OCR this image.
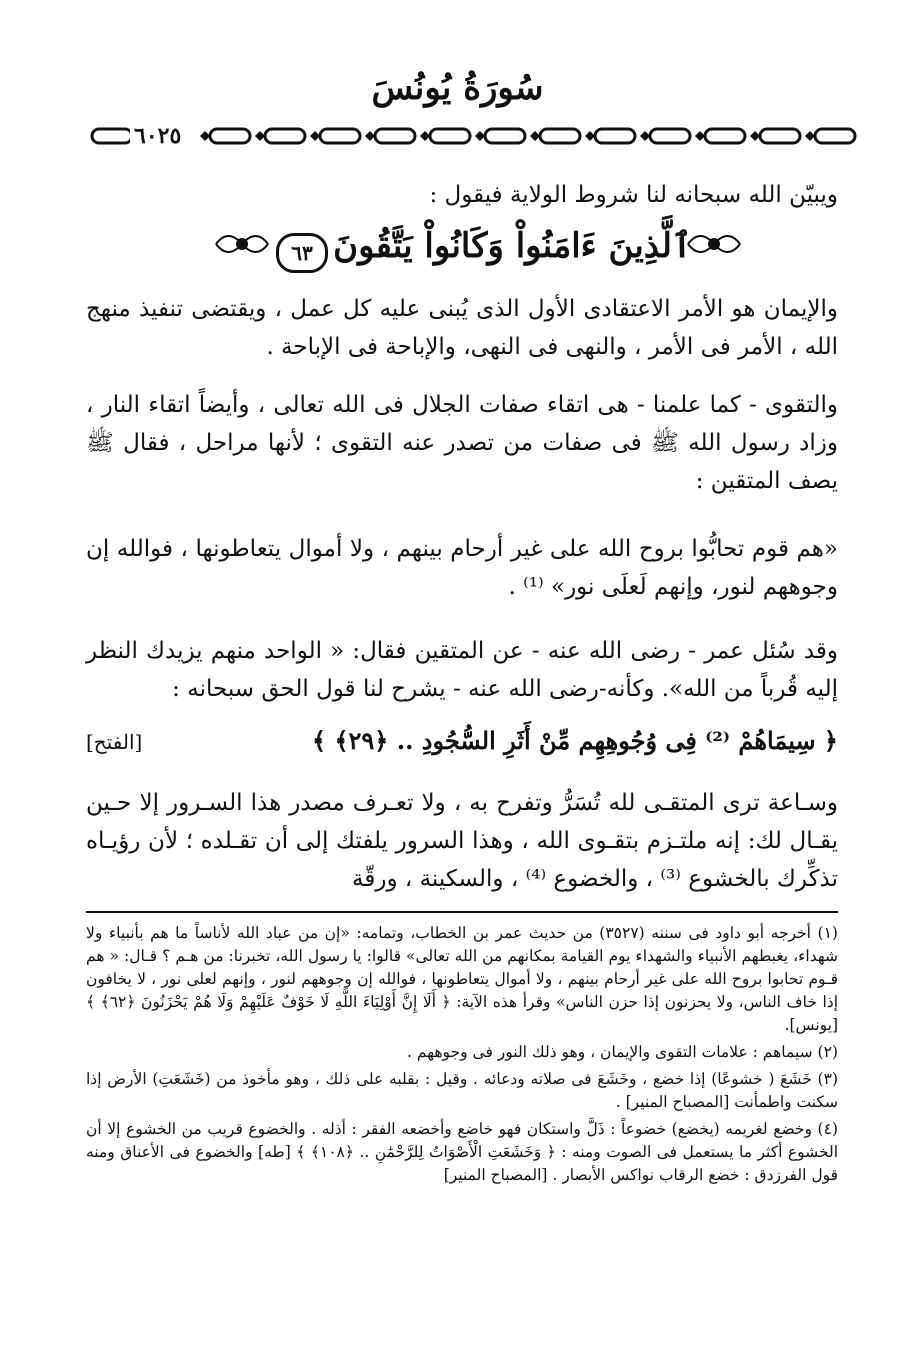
سُورَةُ يُونُسَ
٦٠٢٥

ويبيّن الله سبحانه لنا شروط الولاية فيقول :

ٱلَّذِينَ ءَامَنُواْ وَكَانُواْ يَتَّقُونَ ٦٣

والإيمان هو الأمر الاعتقادى الأول الذى يُبنى عليه كل عمل ، ويقتضى تنفيذ منهج الله ، الأمر فى الأمر ، والنهى فى النهى، والإباحة فى الإباحة .

والتقوى - كما علمنا - هى اتقاء صفات الجلال فى الله تعالى ، وأيضاً اتقاء النار ، وزاد رسول الله ﷺ فى صفات من تصدر عنه التقوى ؛ لأنها مراحل ، فقال ﷺ يصف المتقين :

«هم قوم تحابُّوا بروح الله على غير أرحام بينهم ، ولا أموال يتعاطونها ، فوالله إن وجوههم لنور، وإنهم لَعلَى نور» ⁽¹⁾ .

وقد سُئل عمر - رضى الله عنه - عن المتقين فقال: « الواحد منهم يزيدك النظر إليه قُرباً من الله». وكأنه-رضى الله عنه - يشرح لنا قول الحق سبحانه :

﴿ سِيمَاهُمْ ⁽²⁾ فِى وُجُوهِهِم مِّنْ أَثَرِ السُّجُودِ .. ﴿٢٩﴾ ﴾
[الفتح]

وسـاعة ترى المتقـى لله تُسَرُّ وتفرح به ، ولا تعـرف مصدر هذا السـرور إلا حـين يقـال لك: إنه ملتـزم بتقـوى الله ، وهذا السرور يلفتك إلى أن تقـلده ؛ لأن رؤيـاه تذكِّرك بالخشوع ⁽³⁾ ، والخضوع ⁽⁴⁾ ، والسكينة ، ورقّة

(١) أخرجه أبو داود فى سننه (٣٥٢٧) من حديث عمر بن الخطاب، وتمامه: «إن من عباد الله لأناساً ما هم بأنبياء ولا شهداء، يغبطهم الأنبياء والشهداء يوم القيامة بمكانهم من الله تعالى» قالوا: يا رسول الله، تخبرنا: من هـم ؟ قـال: « هم قـوم تحابوا بروح الله على غير أرحام بينهم ، ولا أموال يتعاطونها ، فوالله إن وجوههم لنور ، وإنهم لعلى نور ، لا يخافون إذا خاف الناس، ولا يحزنون إذا حزن الناس» وقرأ هذه الآية: ﴿ أَلَا إِنَّ أَوْلِيَاءَ اللَّهِ لَا خَوْفٌ عَلَيْهِمْ وَلَا هُمْ يَحْزَنُونَ ﴿٦٢﴾ ﴾ [يونس].

(٢) سيماهم : علامات التقوى والإيمان ، وهو ذلك النور فى وجوههم .

(٣) خَشَعَ ( خشوعًا) إذا خضع ، وخَشَعَ فى صلاته ودعائه . وقيل : بقلبه على ذلك ، وهو مأخوذ من (خَشَعَتِ) الأرض إذا سكنت واطمأنت [المصباح المنير] .

(٤) وخضع لغريمه (يخضع) خضوعاً : ذَلَّ واستكان فهو خاضع وأخضعه الفقر : أذله . والخضوع قريب من الخشوع إلا أن الخشوع أكثر ما يستعمل فى الصوت ومنه : ﴿ وَخَشَعَتِ الْأَصْوَاتُ لِلرَّحْمَٰنِ .. ﴿١٠٨﴾ ﴾ [طه] والخضوع فى الأعناق ومنه قول الفرزدق : خضع الرقاب نواكس الأبصار . [المصباح المنير]
